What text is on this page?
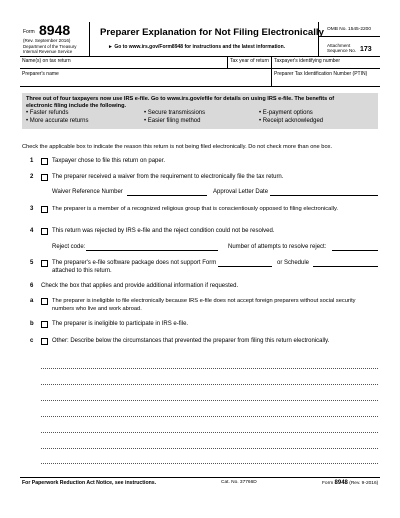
Form 8948
(Rev. September 2016)
Department of the Treasury
Internal Revenue Service
Preparer Explanation for Not Filing Electronically
► Go to www.irs.gov/Form8948 for instructions and the latest information.
OMB No. 1545-2200
Attachment
Sequence No. 173
Name(s) on tax return	Tax year of return Taxpayer's identifying number
Preparer's name	Preparer Tax Identification Number (PTIN)
Three out of four taxpayers now use IRS e-file. Go to www.irs.gov/efile for details on using IRS e-file. The benefits of
electronic filing include the following.
• Faster refunds	• Secure transmissions	• E-payment options
• More accurate returns	• Easier filing method	• Receipt acknowledged
Check the applicable box to indicate the reason this return is not being filed electronically. Do not check more than one box.
1	Taxpayer chose to file this return on paper.
2	The preparer received a waiver from the requirement to electronically file the tax return.
Waiver Reference Number	Approval Letter Date
3	The preparer is a member of a recognized religious group that is conscientiously opposed to filing electronically.
4	This return was rejected by IRS e-file and the reject condition could not be resolved.
Reject code:	Number of attempts to resolve reject:
5	The preparer's e-file software package does not support Form	or Schedule
attached to this return.
6 Check the box that applies and provide additional information if requested.
a	The preparer is ineligible to file electronically because IRS e-file does not accept foreign preparers without social security
numbers who live and work abroad.
b	The preparer is ineligible to participate in IRS e-file.
c	Other: Describe below the circumstances that prevented the preparer from filing this return electronically.
For Paperwork Reduction Act Notice, see instructions.	Cat. No. 37766D	Form 8948 (Rev. 9-2016)
